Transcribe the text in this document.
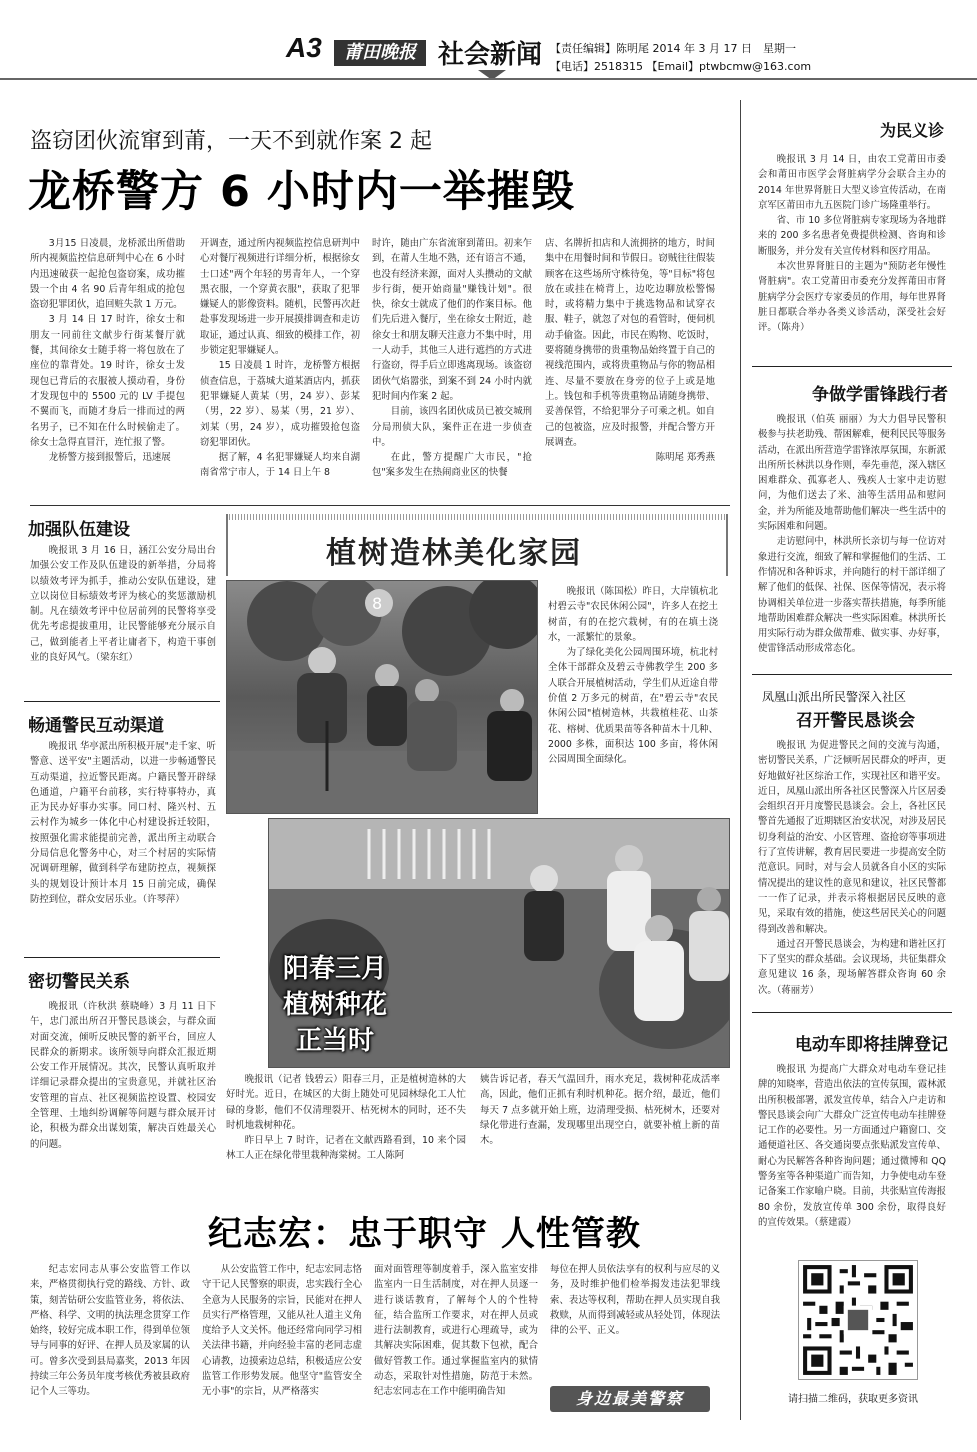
A3	莆田晚报 社会新闻 【责任编辑】陈明尾 2014 年 3 月 17 日　星期一
【电话】2518315 【Email】ptwbcmw@163.com
盗窃团伙流窜到莆，一天不到就作案 2 起
龙桥警方 6 小时内一举摧毁

3月15 日凌晨，龙桥派出所借助所内视频监控信息研判中心在 6 小时内迅速破获一起抢包盗窃案，成功摧毁一个由 4 名 90 后青年组成的抢包盗窃犯罪团伙，追回赃失款 1 万元。

3 月 14 日 17 时许，徐女士和朋友一同前往文献步行街某餐厅就餐，其间徐女士随手将一将包放在了座位的靠背处。19 时许，徐女士发现包已背后的衣服被人摸动看，身份才发现包中的 5500 元的 LV 手提包不翼而飞，而随才身后一排而过的两名男子，已不知在什么时候偷走了。徐女士急得直冒汗，连忙报了警。

龙桥警方接到报警后，迅速展

开调查，通过所内视频监控信息研判中心对餐厅视频进行详细分析，根据徐女士口述"两个年轻的男青年人，一个穿黑衣服，一个穿黄衣服"，获取了犯罪嫌疑人的影像资料。随机，民警再次赶赴事发现场进一步开展摸排调查和走访取证，通过认真、细致的模排工作，初步锁定犯罪嫌疑人。

15 日凌晨 1 时许，龙桥警方根据侦查信息，于荔城大道某酒店内，抓获犯罪嫌疑人黄某（男，24 岁）、彭某（男，22 岁）、易某（男，21 岁）、刘某（男，24 岁），成功摧毁抢包盗窃犯罪团伙。

据了解，4 名犯罪嫌疑人均来自湖南省常宁市人，于 14 日上午 8

时许，随由广东省流窜到莆田。初来乍到，在莆人生地不熟，还有语言不通，也没有经济来源，面对人头攒动的文献步行街，便开始商量"赚钱计划"。很快，徐女士就成了他们的作案目标。他们先后进入餐厅，坐在徐女士附近，趁徐女士和朋友聊天注意力不集中时，用一人动手，其他三人进行遮挡的方式进行盗窃，得手后立即逃离现场。该盗窃团伙气焰嚣张，到案不到 24 小时内就犯时间内作案 2 起。

目前，该四名团伙成员已被交城刑分局刑侦大队，案件正在进一步侦查中。

在此，警方提醒广大市民，"抢包"案多发生在热闹商业区的快餐

店、名牌折扣店和人流拥挤的地方，时间集中在用餐时间和节假日。窃贼往往假装顾客在这些场所守株待兔，等"目标"将包放在或挂在椅背上，边吃边聊放松警惕时，或将精力集中于挑选物品和试穿衣服、鞋子，就忽了对包的看管时，便伺机动手偷盗。因此，市民在购物、吃饭时，要将随身携带的贵重物品始终置于自己的视线范围内，或将贵重物品与你的物品相连、尽量不要放在身旁的位子上或是地上。钱包和手机等贵重物品请随身携带、妥善保管，不给犯罪分子可乘之机。如自己的包被盗，应及时报警，并配合警方开展调查。

陈明尾 郑秀燕

为民义诊

晚报讯 3 月 14 日，由农工党莆田市委会和莆田市医学会肾脏病学分会联合主办的 2014 年世界肾脏日大型义诊宣传活动，在南京军区莆田市九五医院门诊广场隆重举行。

省、市 10 多位肾脏病专家现场为各地群来的 200 多名患者免费提供检测、咨询和诊断服务，并分发有关宣传材料和医疗用品。

本次世界肾脏日的主题为"预防老年慢性肾脏病"。农工党莆田市委充分发挥莆田市肾脏病学分会医疗专家委员的作用，每年世界肾脏日都联合举办各类义诊活动，深受社会好评。（陈舟）

争做学雷锋践行者

晚报讯（伯英 丽丽）为大力倡导民警积极参与扶老助残、帮困解难，便利民民等服务活动，在派出所营造学雷锋浓厚氛围，东新派出所所长林洪以身作则，奉先垂范，深入辖区困难群众、孤寡老人、残疾人士家中走访慰问，为他们送去了米、油等生活用品和慰问金，并为所能及地帮助他们解决一些生活中的实际困难和问题。

走访慰问中，林洪所长亲切与每一位访对象进行交流，细致了解和掌握他们的生活、工作情况和各种诉求，并向随行的村干部详细了解了他们的低保、社保、医保等情况，表示将协调相关单位进一步落实帮扶措施，每季所能地帮助困难群众解决一些实际困难。林洪所长用实际行动为群众做帮难、做实事、办好事，使雷锋活动形成常态化。

凤凰山派出所民警深入社区
召开警民恳谈会

晚报讯 为促进警民之间的交流与沟通，密切警民关系，广泛倾听居民群众的呼声，更好地做好社区综治工作，实现社区和谐平安。近日，凤凰山派出所各社区民警深入片区居委会组织召开月度警民恳谈会。会上，各社区民警首先通报了近期辖区治安状况，对涉及居民切身利益的治安、小区管理、盗抢窃等事项进行了宣传讲解，教育居民要进一步提高安全防范意识。同时，对与会人员就各自小区的实际情况提出的建议性的意见和建议，社区民警都一一作了记录，并表示将根据居民反映的意见，采取有效的措施，使这些居民关心的问题得到改善和解决。

通过召开警民恳谈会，为构建和谐社区打下了坚实的群众基础。会议现场，共征集群众意见建议 16 条，现场解答群众咨询 60 余次。（蒋丽芳）

电动车即将挂牌登记

晚报讯 为提高广大群众对电动车登记挂牌的知晓率，营造出依法的宣传氛围，霞林派出所积极部署，派发宣传单，结合入户走访和警民恳谈会向广大群众广泛宣传电动车挂牌登记工作的必要性。另一方面通过户籍窗口、交通便道社区、各交通岗要点张贴派发宣传单、耐心为民解答各种咨询问题；通过微博和 QQ 警务室等各种渠道广而告知，力争使电动车登记备案工作家喻户晓。目前，共张贴宣传海报 80 余份，发放宣传单 300 余份，取得良好的宣传效果。（蔡建霞）

请扫描二维码，获取更多资讯
加强队伍建设

晚报讯 3 月 16 日，涵江公安分局出台加强公安工作及队伍建设的新举措，分局将以绩效考评为抓手，推动公安队伍建设，建立以岗位目标绩效考评为核心的奖惩激励机制。凡在绩效考评中位居前列的民警将享受优先考虑提拔重用，让民警能够充分展示自己，做到能者上平者让庸者下，构造干事创业的良好风气。（梁东红）

畅通警民互动渠道

晚报讯 华亭派出所积极开展"走千家、听警意、送平安"主题活动，以进一步畅通警民互动渠道，拉近警民距离。户籍民警开辟绿色通道，户籍平台前移，实行特事特办，真正为民办好事办实事。同口村、隆兴村、五云村作为城乡一体化中心村建设拆迁较阳，按照强化需求能提前完善，派出所主动联合分局信息化警务中心，对三个村居的实际情况调研理解，做到科学布建防控点，视频探头的规划设计预计本月 15 日前完成，确保防控到位，群众安居乐业。（许琴萍）

密切警民关系

晚报讯（许秋洪 蔡晓峰）3 月 11 日下午，忠门派出所召开警民恳谈会，与群众面对面交流，倾听反映民警的新平台，回应人民群众的新期求。该所领导向群众汇报近期公安工作开展情况。其次，民警认真听取并详细记录群众提出的宝贵意见，并就社区治安管理的盲点、社区视频监控设置、校园安全管理、土地纠纷调解等问题与群众展开讨论，积极为群众出谋划策，解决百姓最关心的问题。

植树造林美化家园
8

晚报讯（陈国松）昨日，大岸镇杭北村碧云寺"农民休闲公园"，许多人在挖土树苗，有的在挖穴栽树，有的在填土浇水，一派繁忙的景象。

为了绿化美化公园周围环境，杭北村全体干部群众及碧云寺佛教学生 200 多人联合开展植树活动，学生们从近途自带价值 2 万多元的树苗，在"碧云寺"农民休闲公园"植树造林，共栽植桂花、山茶花、榕树、优质果苗等各种苗木十几种、2000 多株，面积达 100 多亩，将休闲公园周围全面绿化。

阳春三月
植树种花
正当时

晚报讯（记者 钱碧云）阳春三月，正是植树造林的大好时光。近日，在城区的大街上随处可见园林绿化工人忙碌的身影，他们不仅清理裂开、枯死树木的同时，还不失时机地栽树种花。

昨日早上 7 时许，记者在文献西路看到，10 来个园林工人正在绿化带里栽种海棠树。工人陈阿

姨告诉记者，春天气温回升，雨水充足，栽树种花成活率高，因此，他们正抓有利时机种花。据介绍，最近，他们每天 7 点多就开始上班，边清理受损、枯死树木，还要对绿化带进行查漏，发现哪里出现空白，就要补植上新的苗木。

纪志宏：忠于职守 人性管教

纪志宏同志从事公安监管工作以来，严格贯彻执行党的路线、方针、政策，刻苦钻研公安监管业务，将依法、严格、科学、文明的执法理念贯穿工作始终，较好完成本职工作，得到单位领导与同事的好评、在押人员及家属的认可。曾多次受到县局嘉奖，2013 年因持续三年公务员年度考核优秀被县政府记个人三等功。

从公安监管工作中，纪志宏同志恪守干记人民警察的职责，忠实践行全心全意为人民服务的宗旨，民能对在押人员实行严格管理，又能从社人道主义角度给予人文关怀。他还经常向同学习相关法律书籍，并向经验丰富的老同志虚心请教，边摸索边总结，积极适应公安监管工作形势发展。他坚守"监管安全无小事"的宗旨，从严格落实

面对面管理等制度着手，深入监室安排监室内一日生活制度，对在押人员逐一进行谈话教育，了解每个人的个性特征，结合监所工作要求，对在押人员或进行法制教育，或进行心理疏导，或为其解决实际困难，促其数下包袱，配合做好管教工作。通过掌握监室内的狱情动态，采取针对性措施，防范于未然。纪志宏同志在工作中能明确告知

每位在押人员依法享有的权利与应尽的义务，及时维护他们检举揭发违法犯罪线索、表达等权利，帮助在押人员实现自我救赎，从而得到减轻或从轻处罚，体现法律的公平、正义。

身边最美警察
